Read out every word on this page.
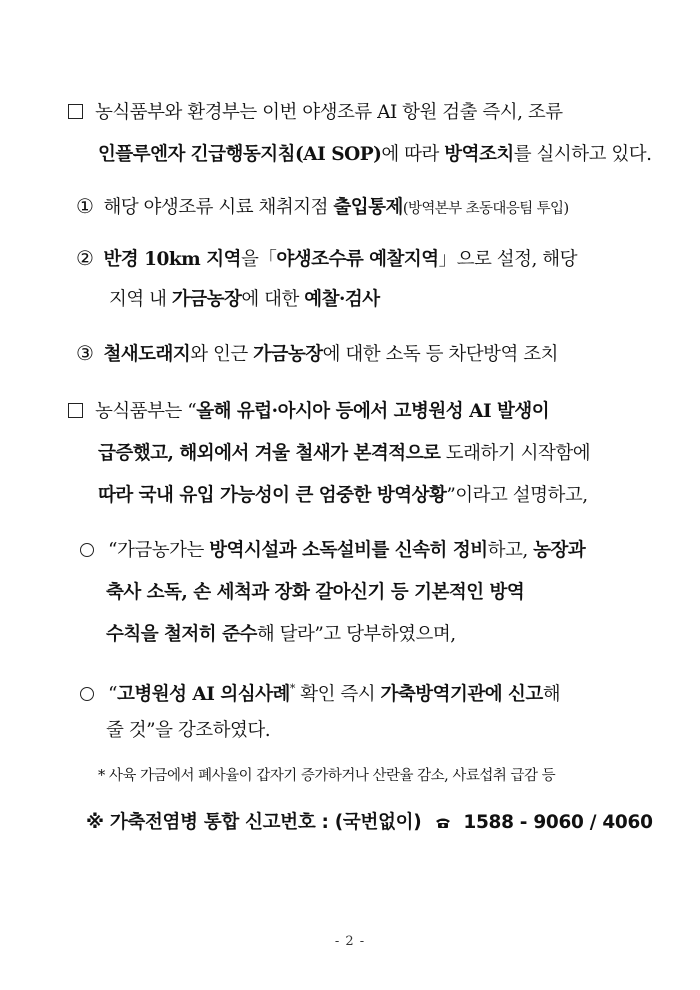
농식품부와 환경부는 이번 야생조류 AI 항원 검출 즉시, 조류
인플루엔자 긴급행동지침(AI SOP)에 따라 방역조치를 실시하고 있다.
① 해당 야생조류 시료 채취지점 출입통제(방역본부 초동대응팀 투입)
② 반경 10km 지역을「야생조수류 예찰지역」으로 설정, 해당
지역 내 가금농장에 대한 예찰·검사
③ 철새도래지와 인근 가금농장에 대한 소독 등 차단방역 조치
농식품부는 “올해 유럽·아시아 등에서 고병원성 AI 발생이
급증했고, 해외에서 겨울 철새가 본격적으로 도래하기 시작함에
따라 국내 유입 가능성이 큰 엄중한 방역상황”이라고 설명하고,
“가금농가는 방역시설과 소독설비를 신속히 정비하고, 농장과
축사 소독, 손 세척과 장화 갈아신기 등 기본적인 방역
수칙을 철저히 준수해 달라”고 당부하였으며,
“고병원성 AI 의심사례* 확인 즉시 가축방역기관에 신고해
줄 것”을 강조하였다.
* 사육 가금에서 폐사율이 갑자기 증가하거나 산란율 감소, 사료섭취 급감 등
※ 가축전염병 통합 신고번호 : (국번없이) 1588 - 9060 / 4060
- 2 -
